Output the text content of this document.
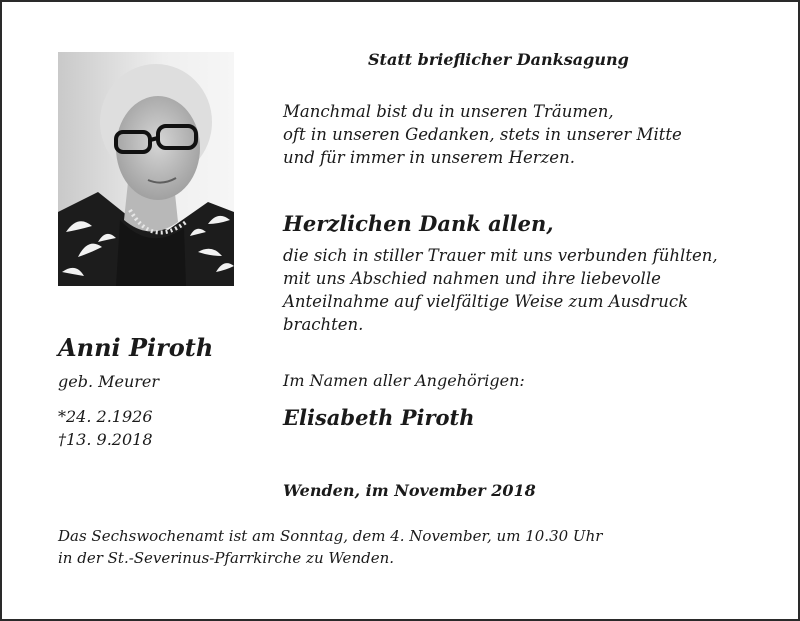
Statt brieflicher Danksagung
Manchmal bist du in unseren Träumen,
oft in unseren Gedanken, stets in unserer Mitte
und für immer in unserem Herzen.
Herzlichen Dank allen,
die sich in stiller Trauer mit uns verbunden fühlten,
mit uns Abschied nahmen und ihre liebevolle
Anteilnahme auf vielfältige Weise zum Ausdruck
brachten.
Im Namen aller Angehörigen:
Elisabeth Piroth
Wenden, im November 2018
Anni Piroth
geb. Meurer
*24. 2.1926
†13. 9.2018
Das Sechswochenamt ist am Sonntag, dem 4. November, um 10.30 Uhr
in der St.-Severinus-Pfarrkirche zu Wenden.
